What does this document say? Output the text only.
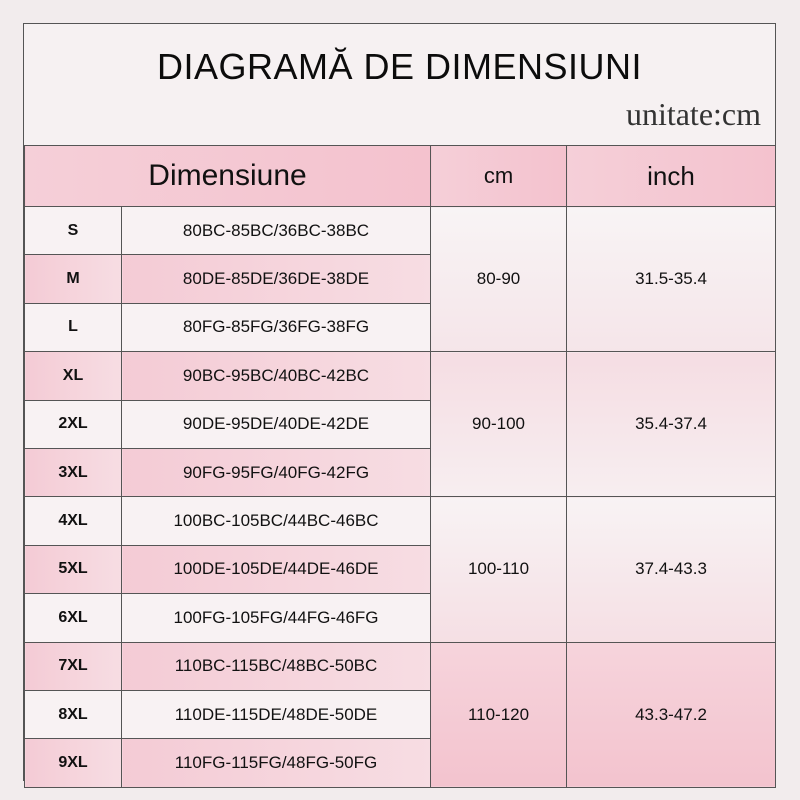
DIAGRAMĂ DE DIMENSIUNI
unitate:cm
Dimensiune		cm	inch
S	80BC-85BC/36BC-38BC	80-90	31.5-35.4
M	80DE-85DE/36DE-38DE		
L	80FG-85FG/36FG-38FG		
XL	90BC-95BC/40BC-42BC	90-100	35.4-37.4
2XL	90DE-95DE/40DE-42DE		
3XL	90FG-95FG/40FG-42FG		
4XL	100BC-105BC/44BC-46BC	100-110	37.4-43.3
5XL	100DE-105DE/44DE-46DE		
6XL	100FG-105FG/44FG-46FG		
7XL	110BC-115BC/48BC-50BC	110-120	43.3-47.2
8XL	110DE-115DE/48DE-50DE		
9XL	110FG-115FG/48FG-50FG		
